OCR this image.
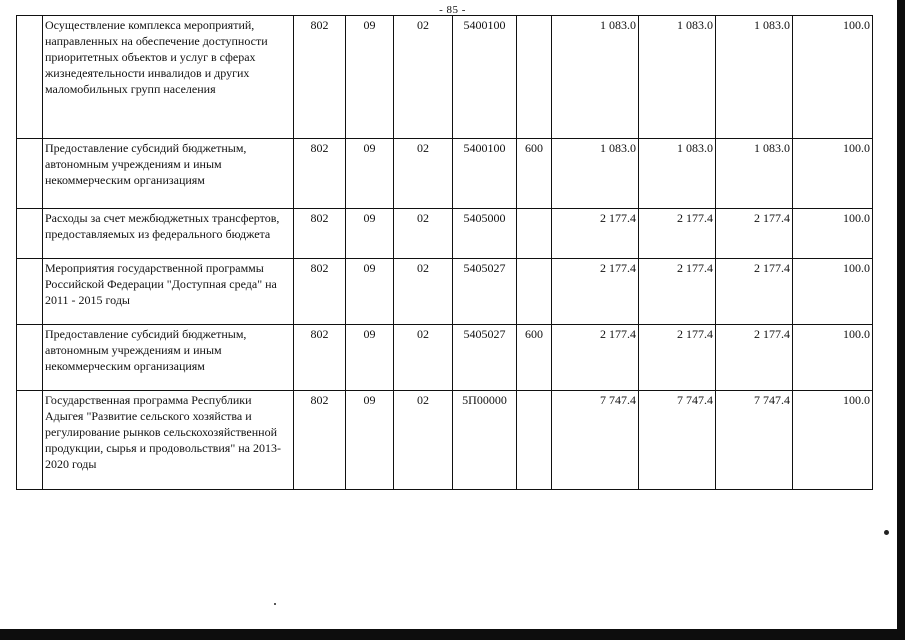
- 85 -
	Осуществление комплекса мероприятий, направленных на обеспечение доступности приоритетных объектов и услуг в сферах жизнедеятельности инвалидов и других маломобильных групп населения	802	09	02	5400100		1 083.0	1 083.0	1 083.0	100.0
	Предоставление субсидий бюджетным, автономным учреждениям и иным некоммерческим организациям	802	09	02	5400100	600	1 083.0	1 083.0	1 083.0	100.0
	Расходы за счет межбюджетных трансфертов, предоставляемых из федерального бюджета	802	09	02	5405000		2 177.4	2 177.4	2 177.4	100.0
	Мероприятия государственной программы Российской Федерации "Доступная среда" на 2011 - 2015 годы	802	09	02	5405027		2 177.4	2 177.4	2 177.4	100.0
	Предоставление субсидий бюджетным, автономным учреждениям и иным некоммерческим организациям	802	09	02	5405027	600	2 177.4	2 177.4	2 177.4	100.0
	Государственная программа Республики Адыгея "Развитие сельского хозяйства и регулирование рынков сельскохозяйственной продукции, сырья и продовольствия" на 2013-2020 годы	802	09	02	5П00000		7 747.4	7 747.4	7 747.4	100.0
